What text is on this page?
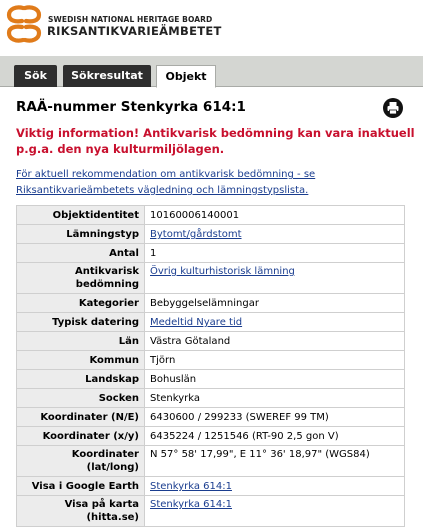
SWEDISH NATIONAL HERITAGE BOARD
RIKSANTIKVARIEÄMBETET
Sök	Sökresultat	Objekt
RAÄ-nummer Stenkyrka 614:1
Viktig information! Antikvarisk bedömning kan vara inaktuell p.g.a. den nya kulturmiljölagen.
För aktuell rekommendation om antikvarisk bedömning - se Riksantikvarieämbetets vägledning och lämningstypslista.
Objektidentitet	10160006140001
Lämningstyp	Bytomt/gårdstomt
Antal	1
Antikvarisk bedömning	Övrig kulturhistorisk lämning
Kategorier	Bebyggelselämningar
Typisk datering	Medeltid Nyare tid
Län	Västra Götaland
Kommun	Tjörn
Landskap	Bohuslän
Socken	Stenkyrka
Koordinater (N/E)	6430600 / 299233 (SWEREF 99 TM)
Koordinater (x/y)	6435224 / 1251546 (RT-90 2,5 gon V)
Koordinater (lat/long)	N 57° 58' 17,99", E 11° 36' 18,97" (WGS84)
Visa i Google Earth	Stenkyrka 614:1
Visa på karta (hitta.se)	Stenkyrka 614:1
